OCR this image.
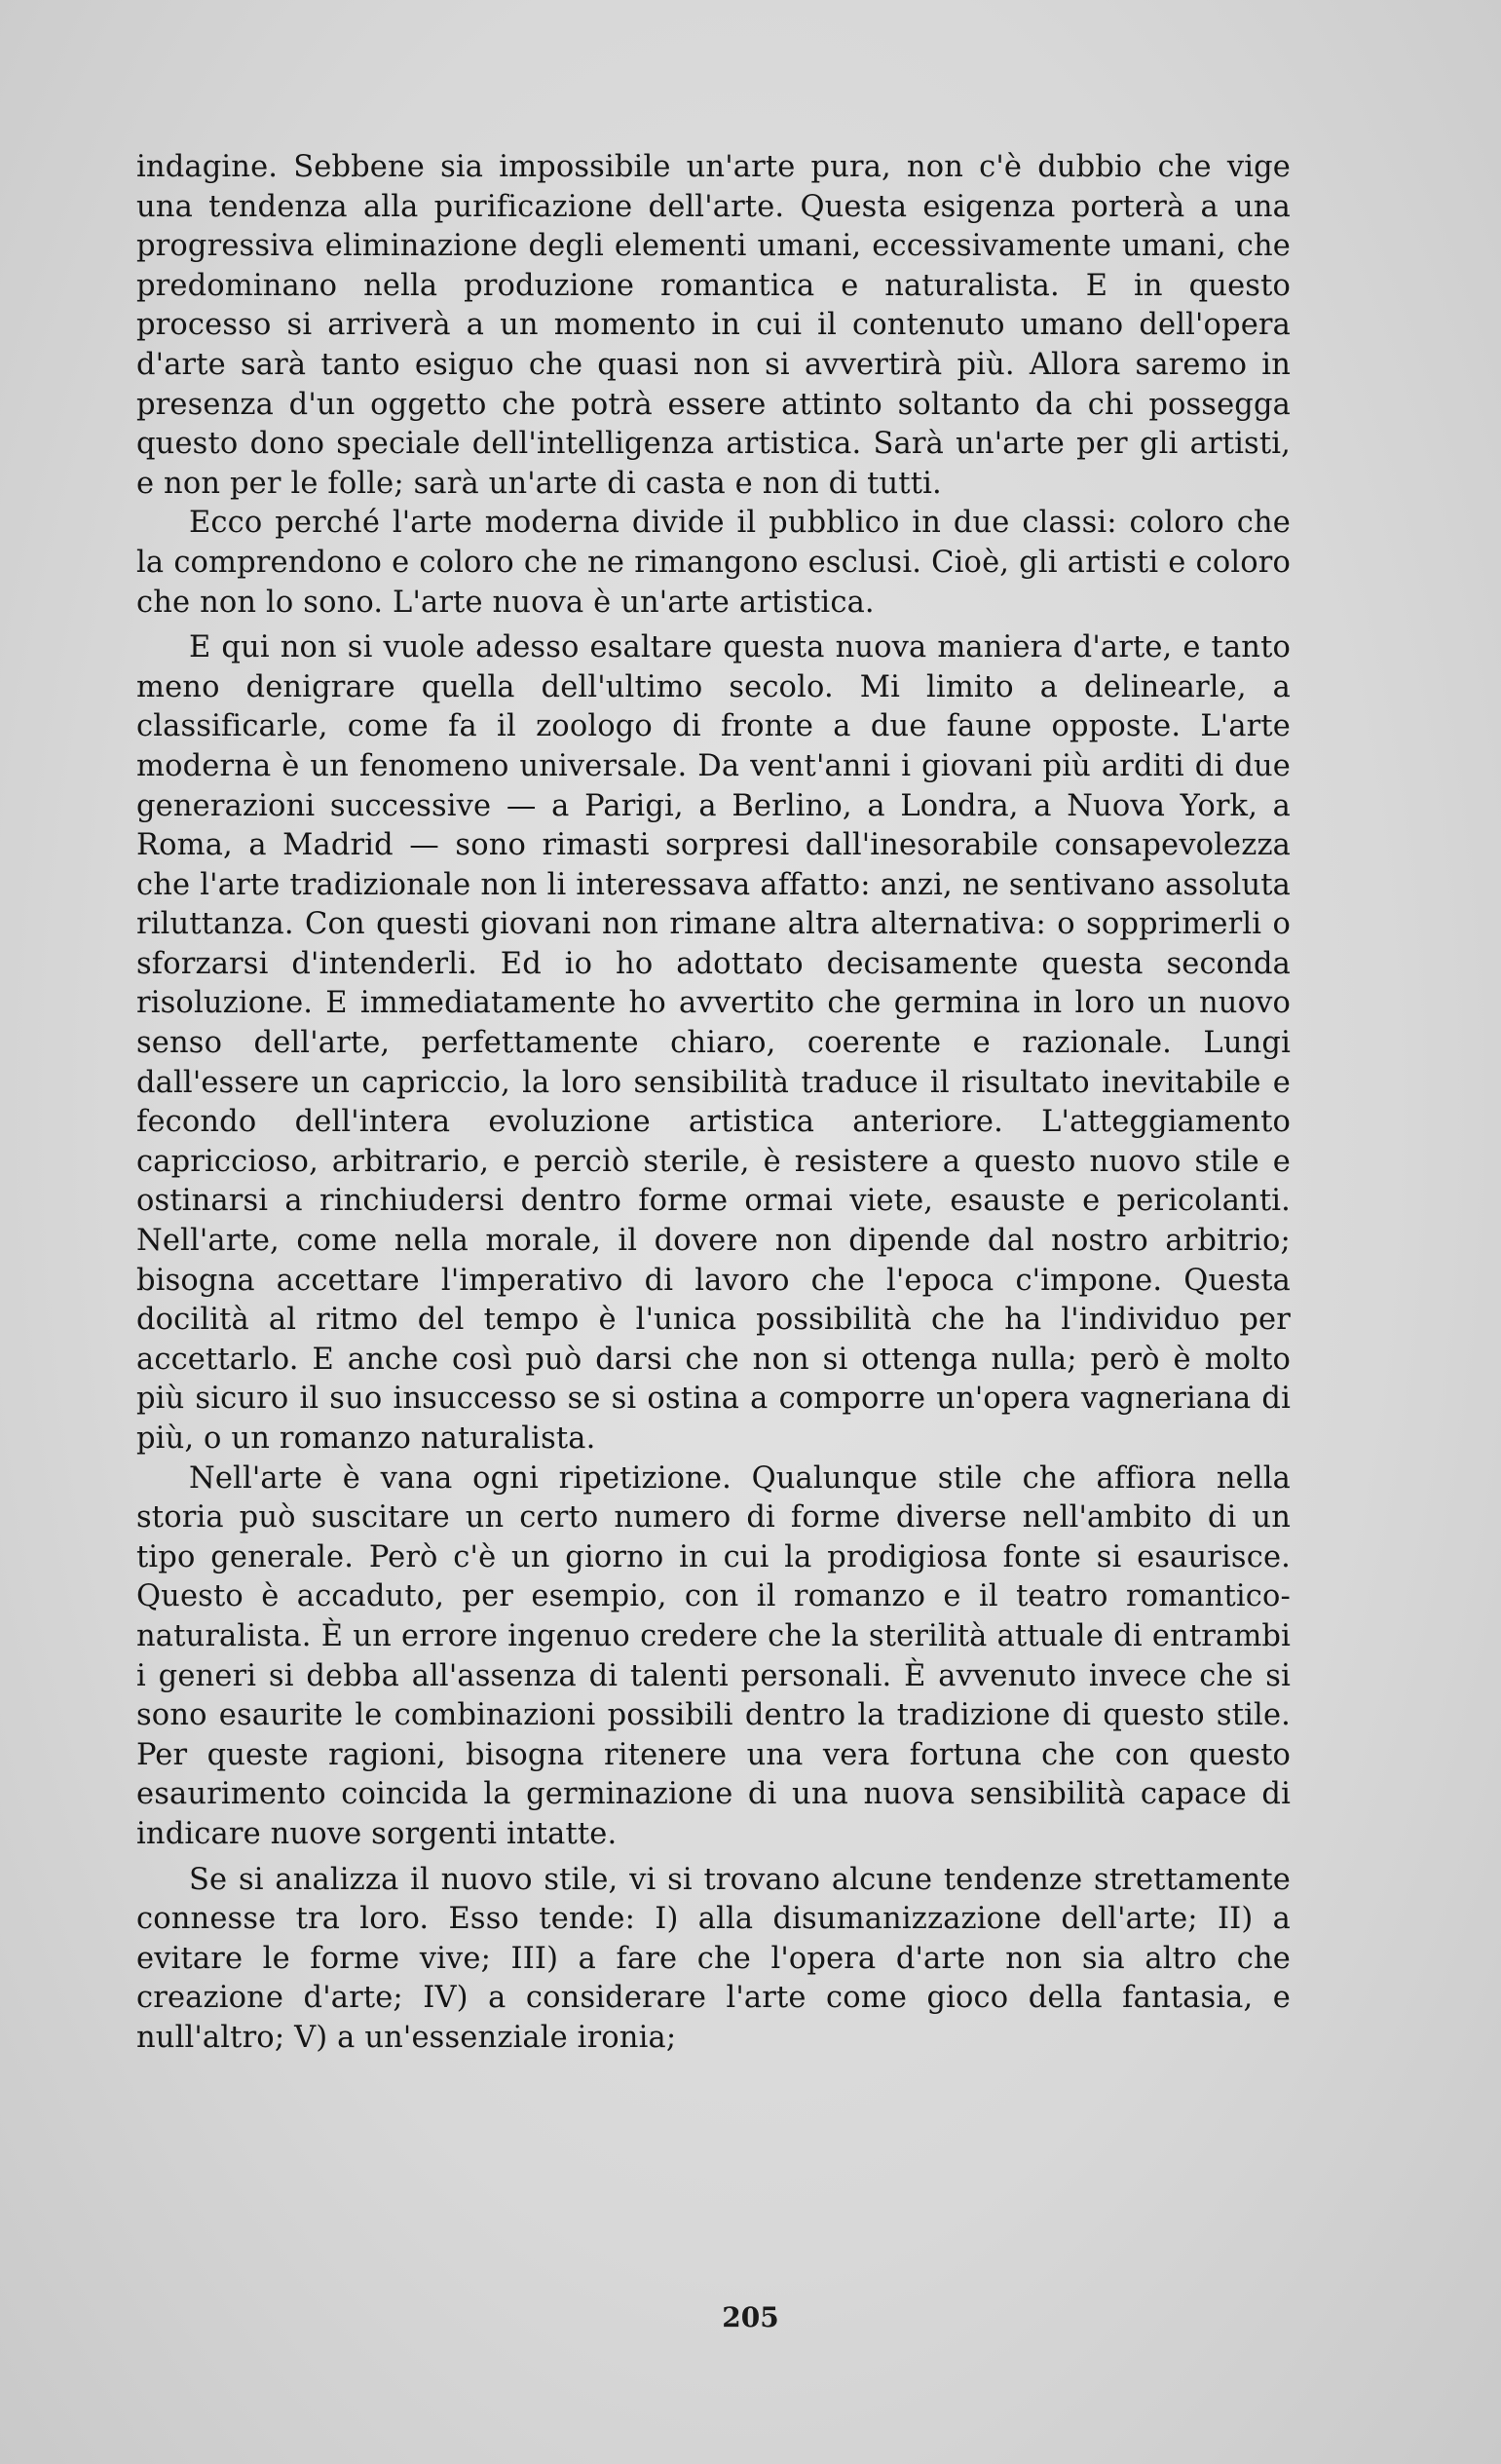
indagine. Sebbene sia impossibile un'arte pura, non c'è dubbio che vige una tendenza alla purificazione dell'arte. Questa esigenza porterà a una progressiva eliminazione degli elementi umani, eccessivamente umani, che predominano nella produzione romantica e naturalista. E in questo processo si arriverà a un momento in cui il contenuto umano dell'opera d'arte sarà tanto esiguo che quasi non si avvertirà più. Allora saremo in presenza d'un oggetto che potrà essere attinto soltanto da chi possegga questo dono speciale dell'intelligenza artistica. Sarà un'arte per gli artisti, e non per le folle; sarà un'arte di casta e non di tutti.

Ecco perché l'arte moderna divide il pubblico in due classi: coloro che la comprendono e coloro che ne rimangono esclusi. Cioè, gli artisti e coloro che non lo sono. L'arte nuova è un'arte artistica.

E qui non si vuole adesso esaltare questa nuova maniera d'arte, e tanto meno denigrare quella dell'ultimo secolo. Mi limito a delinearle, a classificarle, come fa il zoologo di fronte a due faune opposte. L'arte moderna è un fenomeno universale. Da vent'anni i giovani più arditi di due generazioni successive — a Parigi, a Berlino, a Londra, a Nuova York, a Roma, a Madrid — sono rimasti sorpresi dall'inesorabile consapevolezza che l'arte tradizionale non li interessava affatto: anzi, ne sentivano assoluta riluttanza. Con questi giovani non rimane altra alternativa: o sopprimerli o sforzarsi d'intenderli. Ed io ho adottato decisamente questa seconda risoluzione. E immediatamente ho avvertito che germina in loro un nuovo senso dell'arte, perfettamente chiaro, coerente e razionale. Lungi dall'essere un capriccio, la loro sensibilità traduce il risultato inevitabile e fecondo dell'intera evoluzione artistica anteriore. L'atteggiamento capriccioso, arbitrario, e perciò sterile, è resistere a questo nuovo stile e ostinarsi a rinchiudersi dentro forme ormai viete, esauste e pericolanti. Nell'arte, come nella morale, il dovere non dipende dal nostro arbitrio; bisogna accettare l'imperativo di lavoro che l'epoca c'impone. Questa docilità al ritmo del tempo è l'unica possibilità che ha l'individuo per accettarlo. E anche così può darsi che non si ottenga nulla; però è molto più sicuro il suo insuccesso se si ostina a comporre un'opera vagneriana di più, o un romanzo naturalista.

Nell'arte è vana ogni ripetizione. Qualunque stile che affiora nella storia può suscitare un certo numero di forme diverse nell'ambito di un tipo generale. Però c'è un giorno in cui la prodigiosa fonte si esaurisce. Questo è accaduto, per esempio, con il romanzo e il teatro romantico-naturalista. È un errore ingenuo credere che la sterilità attuale di entrambi i generi si debba all'assenza di talenti personali. È avvenuto invece che si sono esaurite le combinazioni possibili dentro la tradizione di questo stile. Per queste ragioni, bisogna ritenere una vera fortuna che con questo esaurimento coincida la germinazione di una nuova sensibilità capace di indicare nuove sorgenti intatte.

Se si analizza il nuovo stile, vi si trovano alcune tendenze strettamente connesse tra loro. Esso tende: I) alla disumanizzazione dell'arte; II) a evitare le forme vive; III) a fare che l'opera d'arte non sia altro che creazione d'arte; IV) a considerare l'arte come gioco della fantasia, e null'altro; V) a un'essenziale ironia;

205
